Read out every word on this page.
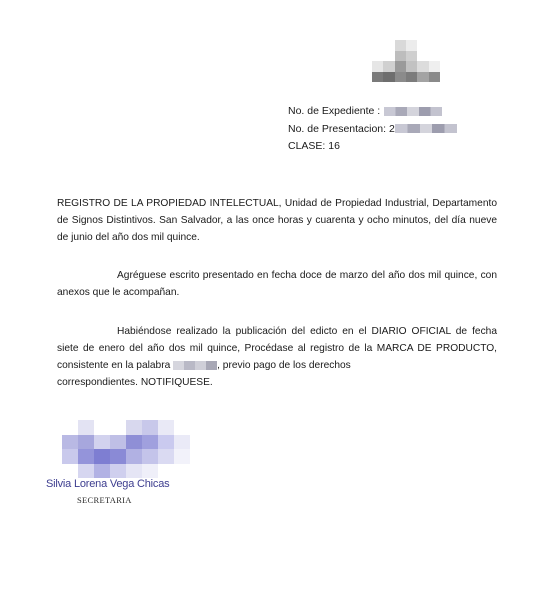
No. de Expediente :
No. de Presentacion: 2
CLASE: 16
REGISTRO DE LA PROPIEDAD INTELECTUAL, Unidad de Propiedad Industrial, Departamento de Signos Distintivos. San Salvador, a las once horas y cuarenta y ocho minutos, del día nueve de junio del año dos mil quince.
Agréguese escrito presentado en fecha doce de marzo del año dos mil quince, con anexos que le acompañan.
Habiéndose realizado la publicación del edicto en el DIARIO OFICIAL de fecha siete de enero del año dos mil quince, Procédase al registro de la MARCA DE PRODUCTO, consistente en la palabra	, previo pago de los derechos
correspondientes. NOTIFIQUESE.
Silvia Lorena Vega Chicas
SECRETARIA
